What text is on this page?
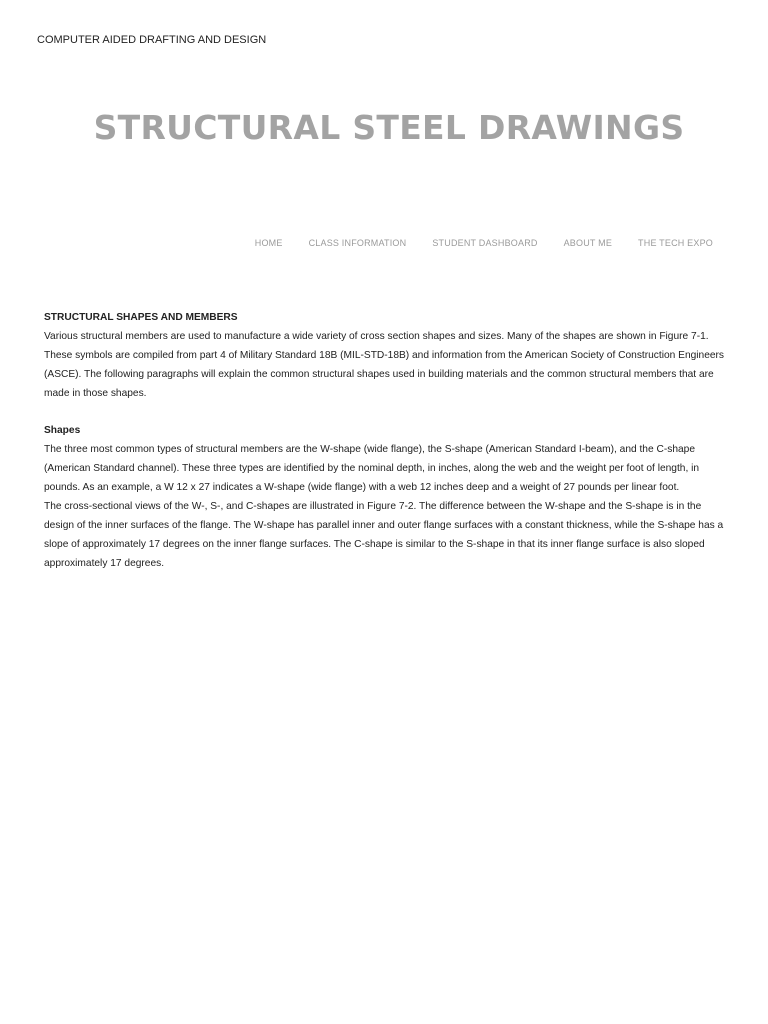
COMPUTER AIDED DRAFTING AND DESIGN
STRUCTURAL STEEL DRAWINGS
HOME	CLASS INFORMATION	STUDENT DASHBOARD	ABOUT ME	THE TECH EXPO

STRUCTURAL SHAPES AND MEMBERS

Various structural members are used to manufacture a wide variety of cross section shapes and sizes. Many of the shapes are shown in Figure 7-1. These symbols are compiled from part 4 of Military Standard 18B (MIL-STD-18B) and information from the American Society of Construction Engineers (ASCE). The following paragraphs will explain the common structural shapes used in building materials and the common structural members that are made in those shapes.

Shapes

The three most common types of structural members are the W-shape (wide flange), the S-shape (American Standard I-beam), and the C-shape (American Standard channel). These three types are identified by the nominal depth, in inches, along the web and the weight per foot of length, in pounds. As an example, a W 12 x 27 indicates a W-shape (wide flange) with a web 12 inches deep and a weight of 27 pounds per linear foot.

The cross-sectional views of the W-, S-, and C-shapes are illustrated in Figure 7-2. The difference between the W-shape and the S-shape is in the design of the inner surfaces of the flange. The W-shape has parallel inner and outer flange surfaces with a constant thickness, while the S-shape has a slope of approximately 17 degrees on the inner flange surfaces. The C-shape is similar to the S-shape in that its inner flange surface is also sloped approximately 17 degrees.
